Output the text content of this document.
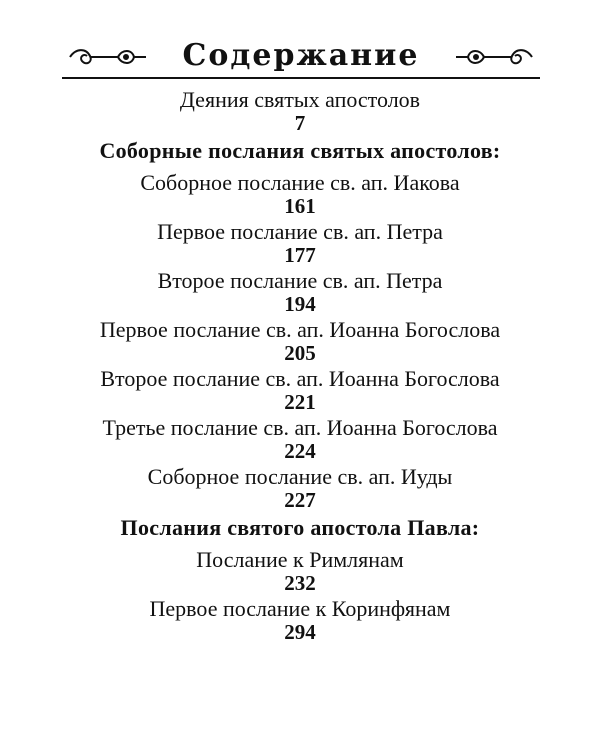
Содержание
Деяния святых апостолов
7
Соборные послания святых апостолов:
Соборное послание св. ап. Иакова
161
Первое послание св. ап. Петра
177
Второе послание св. ап. Петра
194
Первое послание св. ап. Иоанна Богослова
205
Второе послание св. ап. Иоанна Богослова
221
Третье послание св. ап. Иоанна Богослова
224
Соборное послание св. ап. Иуды
227
Послания святого апостола Павла:
Послание к Римлянам
232
Первое послание к Коринфянам
294
